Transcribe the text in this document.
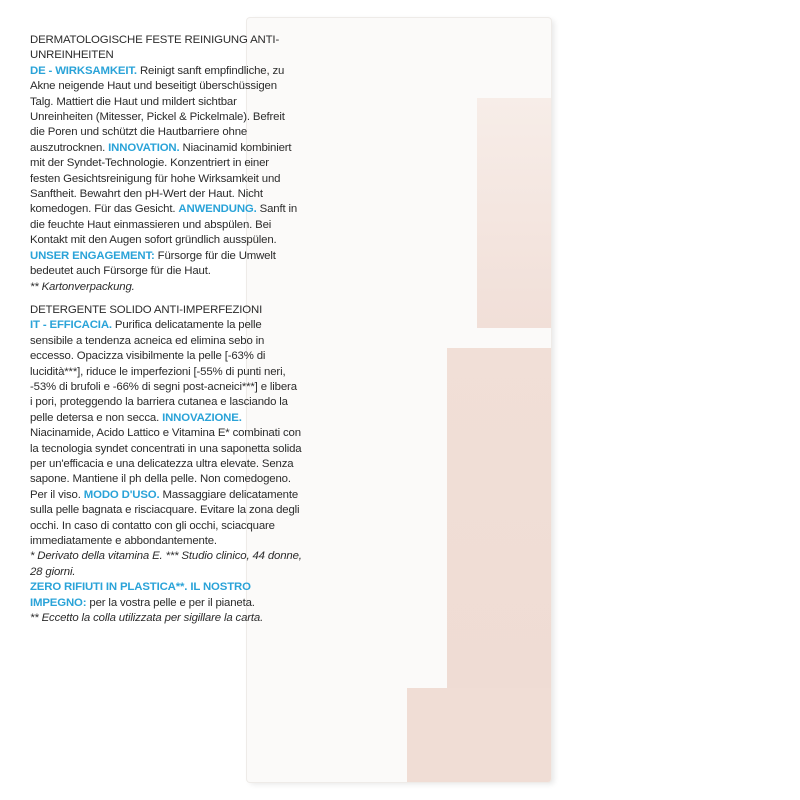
DERMATOLOGISCHE FESTE REINIGUNG ANTI-UNREINHEITEN

DE - WIRKSAMKEIT. Reinigt sanft empfindliche, zu Akne neigende Haut und beseitigt überschüssigen Talg. Mattiert die Haut und mildert sichtbar Unreinheiten (Mitesser, Pickel & Pickelmale). Befreit die Poren und schützt die Hautbarriere ohne auszutrocknen. INNOVATION. Niacinamid kombiniert mit der Syndet-Technologie. Konzentriert in einer festen Gesichtsreinigung für hohe Wirksamkeit und Sanftheit. Bewahrt den pH-Wert der Haut. Nicht komedogen. Für das Gesicht. ANWENDUNG. Sanft in die feuchte Haut einmassieren und abspülen. Bei Kontakt mit den Augen sofort gründlich ausspülen.

UNSER ENGAGEMENT: Fürsorge für die Umwelt bedeutet auch Fürsorge für die Haut.

** Kartonverpackung.

DETERGENTE SOLIDO ANTI-IMPERFEZIONI

IT - EFFICACIA. Purifica delicatamente la pelle sensibile a tendenza acneica ed elimina sebo in eccesso. Opacizza visibilmente la pelle [-63% di lucidità***], riduce le imperfezioni [-55% di punti neri, -53% di brufoli e -66% di segni post-acneici***] e libera i pori, proteggendo la barriera cutanea e lasciando la pelle detersa e non secca. INNOVAZIONE. Niacinamide, Acido Lattico e Vitamina E* combinati con la tecnologia syndet concentrati in una saponetta solida per un'efficacia e una delicatezza ultra elevate. Senza sapone. Mantiene il ph della pelle. Non comedogeno. Per il viso. MODO D'USO. Massaggiare delicatamente sulla pelle bagnata e risciacquare. Evitare la zona degli occhi. In caso di contatto con gli occhi, sciacquare immediatamente e abbondantemente.

* Derivato della vitamina E. *** Studio clinico, 44 donne, 28 giorni.

ZERO RIFIUTI IN PLASTICA**. IL NOSTRO IMPEGNO: per la vostra pelle e per il pianeta.

** Eccetto la colla utilizzata per sigillare la carta.
